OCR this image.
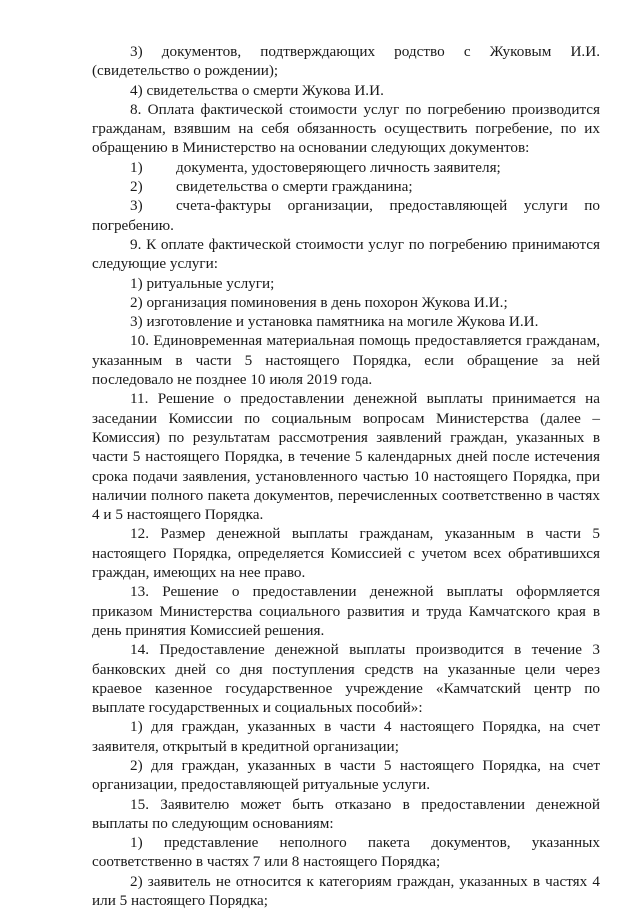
3) документов, подтверждающих родство с Жуковым И.И. (свидетельство о рождении);

4) свидетельства о смерти Жукова И.И.

8. Оплата фактической стоимости услуг по погребению производится гражданам, взявшим на себя обязанность осуществить погребение, по их обращению в Министерство на основании следующих документов:

1) документа, удостоверяющего личность заявителя;

2) свидетельства о смерти гражданина;

3) счета-фактуры организации, предоставляющей услуги по погребению.

9. К оплате фактической стоимости услуг по погребению принимаются следующие услуги:

1) ритуальные услуги;

2) организация поминовения в день похорон Жукова И.И.;

3) изготовление и установка памятника на могиле Жукова И.И.

10. Единовременная материальная помощь предоставляется гражданам, указанным в части 5 настоящего Порядка, если обращение за ней последовало не позднее 10 июля 2019 года.

11. Решение о предоставлении денежной выплаты принимается на заседании Комиссии по социальным вопросам Министерства (далее – Комиссия) по результатам рассмотрения заявлений граждан, указанных в части 5 настоящего Порядка, в течение 5 календарных дней после истечения срока подачи заявления, установленного частью 10 настоящего Порядка, при наличии полного пакета документов, перечисленных соответственно в частях 4 и 5 настоящего Порядка.

12. Размер денежной выплаты гражданам, указанным в части 5 настоящего Порядка, определяется Комиссией с учетом всех обратившихся граждан, имеющих на нее право.

13. Решение о предоставлении денежной выплаты оформляется приказом Министерства социального развития и труда Камчатского края в день принятия Комиссией решения.

14. Предоставление денежной выплаты производится в течение 3 банковских дней со дня поступления средств на указанные цели через краевое казенное государственное учреждение «Камчатский центр по выплате государственных и социальных пособий»:

1) для граждан, указанных в части 4 настоящего Порядка, на счет заявителя, открытый в кредитной организации;

2) для граждан, указанных в части 5 настоящего Порядка, на счет организации, предоставляющей ритуальные услуги.

15. Заявителю может быть отказано в предоставлении денежной выплаты по следующим основаниям:

1) представление неполного пакета документов, указанных соответственно в частях 7 или 8 настоящего Порядка;

2) заявитель не относится к категориям граждан, указанных в частях 4 или 5 настоящего Порядка;
